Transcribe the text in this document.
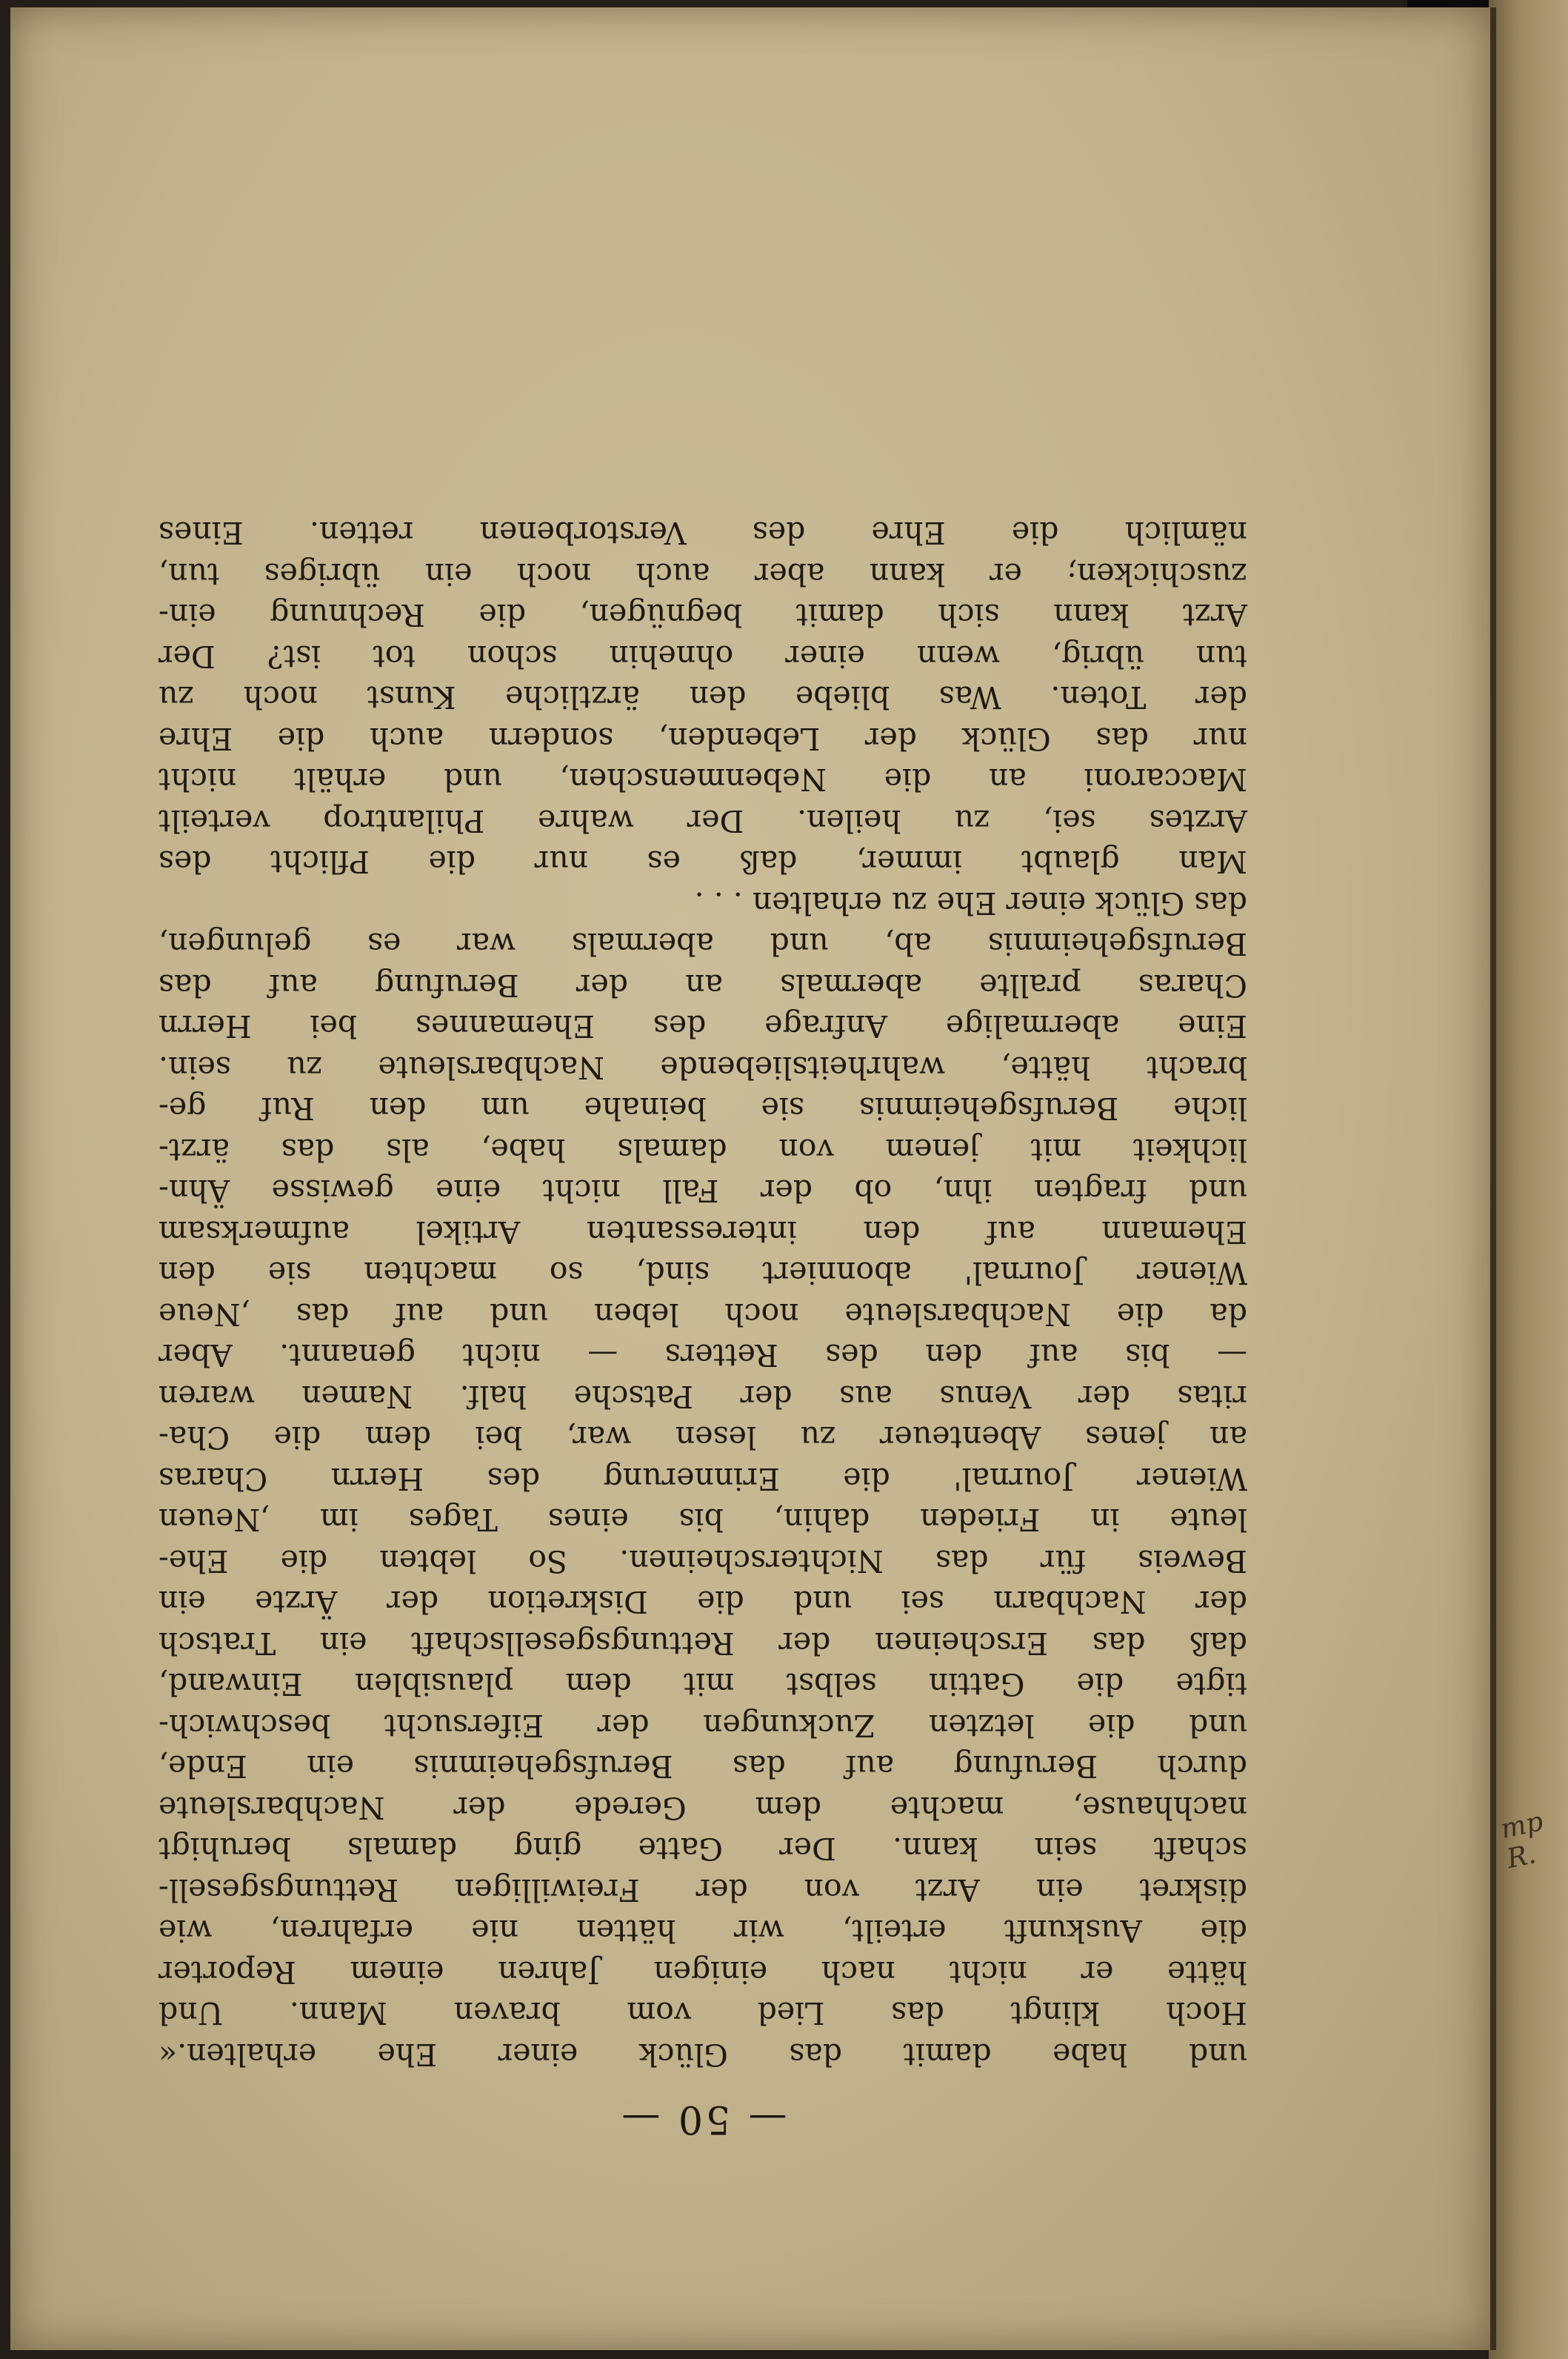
mp R.
— 50 —
und habe damit das Glück einer Ehe erhalten.«
Hoch klingt das Lied vom braven Mann. Und
hätte er nicht nach einigen Jahren einem Reporter
die Auskunft erteilt, wir hätten nie erfahren, wie
diskret ein Arzt von der Freiwilligen Rettungsgesell-
schaft sein kann. Der Gatte ging damals beruhigt
nachhause, machte dem Gerede der Nachbarsleute
durch Berufung auf das Berufsgeheimnis ein Ende,
und die letzten Zuckungen der Eifersucht beschwich-
tigte die Gattin selbst mit dem plausiblen Einwand,
daß das Erscheinen der Rettungsgesellschaft ein Tratsch
der Nachbarn sei und die Diskretion der Ärzte ein
Beweis für das Nichterscheinen. So lebten die Ehe-
leute in Frieden dahin, bis eines Tages im ‚Neuen
Wiener Journal' die Erinnerung des Herrn Charas
an jenes Abenteuer zu lesen war, bei dem die Cha-
ritas der Venus aus der Patsche half. Namen waren
— bis auf den des Retters — nicht genannt. Aber
da die Nachbarsleute noch leben und auf das ‚Neue
Wiener Journal' abonniert sind, so machten sie den
Ehemann auf den interessanten Artikel aufmerksam
und fragten ihn, ob der Fall nicht eine gewisse Ähn-
lichkeit mit jenem von damals habe, als das ärzt-
liche Berufsgeheimnis sie beinahe um den Ruf ge-
bracht hätte, wahrheitsliebende Nachbarsleute zu sein.
Eine abermalige Anfrage des Ehemannes bei Herrn
Charas prallte abermals an der Berufung auf das
Berufsgeheimnis ab, und abermals war es gelungen,
das Glück einer Ehe zu erhalten . . .
Man glaubt immer, daß es nur die Pflicht des
Arztes sei, zu heilen. Der wahre Philantrop verteilt
Maccaroni an die Nebenmenschen, und erhält nicht
nur das Glück der Lebenden, sondern auch die Ehre
der Toten. Was bliebe den ärztliche Kunst noch zu
tun übrig, wenn einer ohnehin schon tot ist? Der
Arzt kann sich damit begnügen, die Rechnung ein-
zuschicken; er kann aber auch noch ein übriges tun,
nämlich die Ehre des Verstorbenen retten. Eines
